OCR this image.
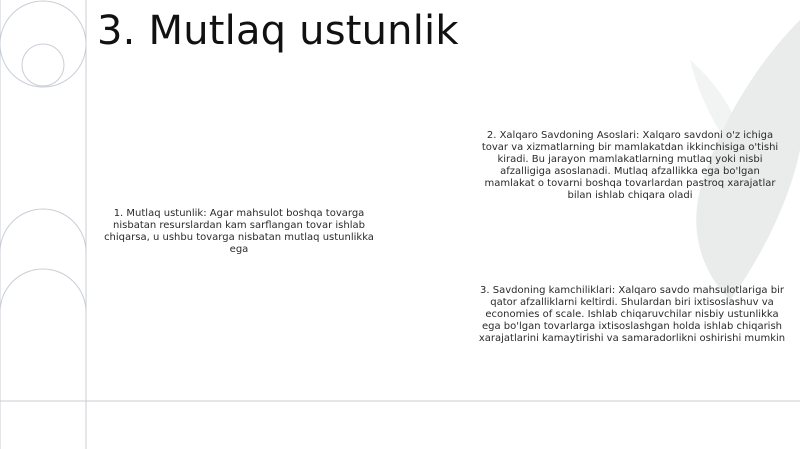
3. Mutlaq ustunlik
1. Mutlaq ustunlik: Agar mahsulot boshqa tovarga nisbatan resurslardan kam sarflangan tovar ishlab chiqarsa, u ushbu tovarga nisbatan mutlaq ustunlikka ega
2. Xalqaro Savdoning Asoslari: Xalqaro savdoni o'z ichiga tovar va xizmatlarning bir mamlakatdan ikkinchisiga o'tishi kiradi. Bu jarayon mamlakatlarning mutlaq yoki nisbi afzalligiga asoslanadi. Mutlaq afzallikka ega bo'lgan mamlakat o tovarni boshqa tovarlardan pastroq xarajatlar bilan ishlab chiqara oladi
3. Savdoning kamchiliklari: Xalqaro savdo mahsulotlariga bir qator afzalliklarni keltirdi. Shulardan biri ixtisoslashuv va economies of scale. Ishlab chiqaruvchilar nisbiy ustunlikka ega bo'lgan tovarlarga ixtisoslashgan holda ishlab chiqarish xarajatlarini kamaytirishi va samaradorlikni oshirishi mumkin
